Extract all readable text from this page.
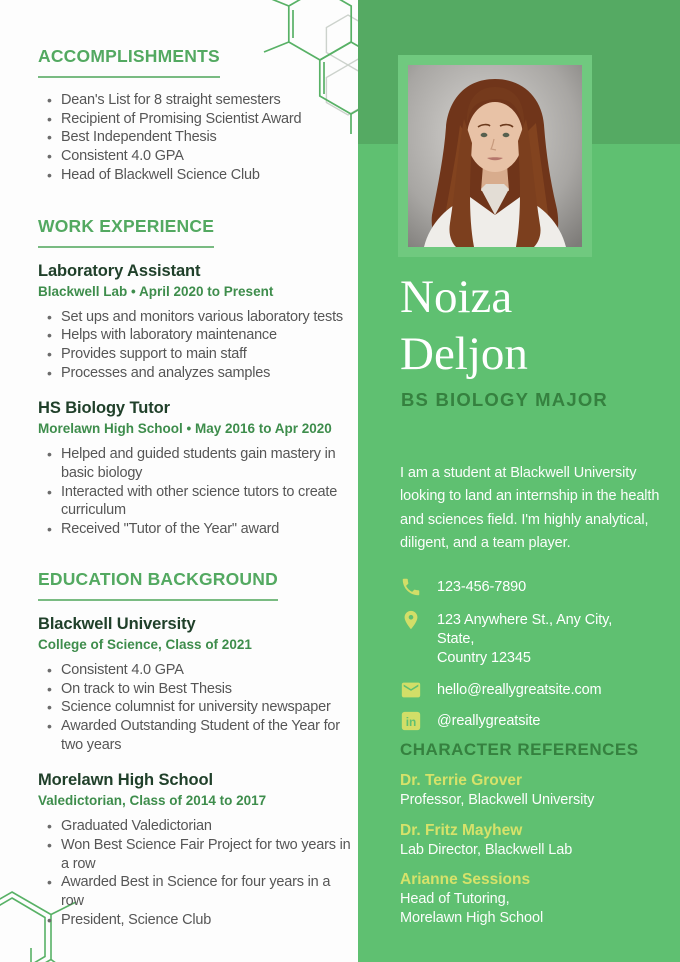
ACCOMPLISHMENTS
• Dean's List for 8 straight semesters
• Recipient of Promising Scientist Award
• Best Independent Thesis
• Consistent 4.0 GPA
• Head of Blackwell Science Club
WORK EXPERIENCE
Laboratory Assistant

Blackwell Lab • April 2020 to Present

• Set ups and monitors various laboratory tests
• Helps with laboratory maintenance
• Provides support to main staff
• Processes and analyzes samples
HS Biology Tutor

Morelawn High School • May 2016 to Apr 2020

• Helped and guided students gain mastery in basic biology
• Interacted with other science tutors to create curriculum
• Received "Tutor of the Year" award
EDUCATION BACKGROUND
Blackwell University

College of Science, Class of 2021

• Consistent 4.0 GPA
• On track to win Best Thesis
• Science columnist for university newspaper
• Awarded Outstanding Student of the Year for two years
Morelawn High School

Valedictorian, Class of 2014 to 2017

• Graduated Valedictorian
• Won Best Science Fair Project for two years in a row
• Awarded Best in Science for four years in a row
• President, Science Club
Noiza
Deljon
BS BIOLOGY MAJOR

I am a student at Blackwell University looking to land an internship in the health and sciences field. I'm highly analytical, diligent, and a team player.

123-456-7890
123 Anywhere St., Any City, State,
Country 12345
hello@reallygreatsite.com
in @reallygreatsite
CHARACTER REFERENCES
Dr. Terrie Grover
Professor, Blackwell University
Dr. Fritz Mayhew
Lab Director, Blackwell Lab
Arianne Sessions
Head of Tutoring,
Morelawn High School
